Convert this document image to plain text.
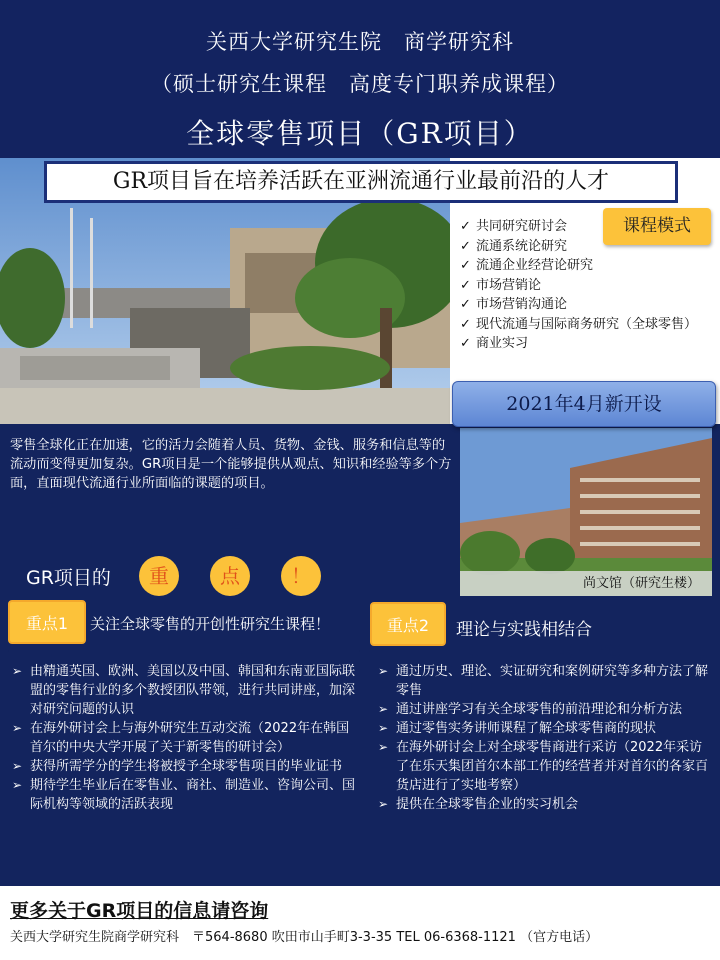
关西大学研究生院　商学研究科
（硕士研究生课程　高度专门职养成课程）
全球零售项目（GR项目）
GR项目旨在培养活跃在亚洲流通行业最前沿的人才
✓ 共同研究研讨会
✓ 流通系统论研究
✓ 流通企业经营论研究
✓ 市场营销论
✓ 市场营销沟通论
✓ 现代流通与国际商务研究（全球零售）
✓ 商业实习
课程模式
2021年4月新开设
零售全球化正在加速，它的活力会随着人员、货物、金钱、服务和信息等的流动而变得更加复杂。GR项目是一个能够提供从观点、知识和经验等多个方面，直面现代流通行业所面临的课题的项目。
尚文馆（研究生楼）
GR项目的	重	点	！
重点1	关注全球零售的开创性研究生课程！
➢ 由精通英国、欧洲、美国以及中国、韩国和东南亚国际联盟的零售行业的多个教授团队带领，进行共同讲座，加深对研究问题的认识
➢ 在海外研讨会上与海外研究生互动交流（2022年在韩国首尔的中央大学开展了关于新零售的研讨会）
➢ 获得所需学分的学生将被授予全球零售项目的毕业证书
➢ 期待学生毕业后在零售业、商社、制造业、咨询公司、国际机构等领域的活跃表现
重点2	理论与实践相结合
➢ 通过历史、理论、实证研究和案例研究等多种方法了解零售
➢ 通过讲座学习有关全球零售的前沿理论和分析方法
➢ 通过零售实务讲师课程了解全球零售商的现状
➢ 在海外研讨会上对全球零售商进行采访（2022年采访了在乐天集团首尔本部工作的经营者并对首尔的各家百货店进行了实地考察）
➢ 提供在全球零售企业的实习机会
更多关于GR项目的信息请咨询
关西大学研究生院商学研究科　〒564-8680 吹田市山手町3-3-35 TEL 06-6368-1121 （官方电话）
